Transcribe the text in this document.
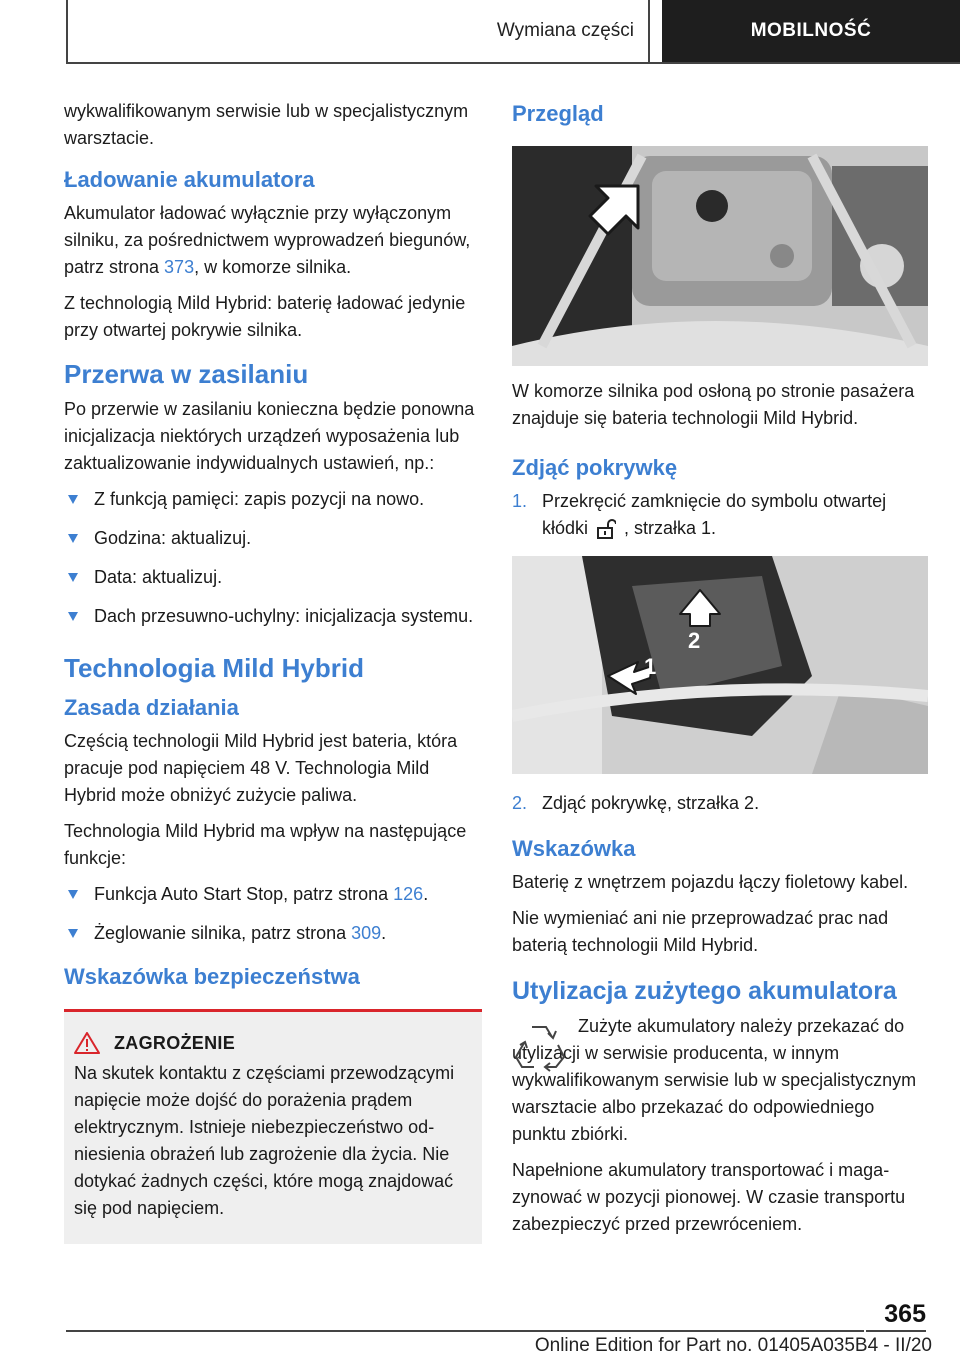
Wymiana części	MOBILNOŚĆ

wykwalifikowanym serwisie lub w specjalistycznym warsztacie.

Ładowanie akumulatora

Akumulator ładować wyłącznie przy wyłączonym silniku, za pośrednictwem wyprowadzeń biegunów, patrz strona 373, w komorze silnika.

Z technologią Mild Hybrid: baterię ładować jedynie przy otwartej pokrywie silnika.

Przerwa w zasilaniu

Po przerwie w zasilaniu konieczna będzie ponowna inicjalizacja niektórych urządzeń wyposażenia lub zaktualizowanie indywidualnych ustawień, np.:

Z funkcją pamięci: zapis pozycji na nowo.
Godzina: aktualizuj.
Data: aktualizuj.
Dach przesuwno-uchylny: inicjalizacja systemu.
Technologia Mild Hybrid
Zasada działania

Częścią technologii Mild Hybrid jest bateria, która pracuje pod napięciem 48 V. Technologia Mild Hybrid może obniżyć zużycie paliwa.

Technologia Mild Hybrid ma wpływ na następujące funkcje:

Funkcja Auto Start Stop, patrz strona 126.
Żeglowanie silnika, patrz strona 309.
Wskazówka bezpieczeństwa
ZAGROŻENIE

Na skutek kontaktu z częściami przewodzącymi napięcie może dojść do porażenia prądem elektrycznym. Istnieje niebezpieczeństwo odniesienia obrażeń lub zagrożenie dla życia. Nie dotykać żadnych części, które mogą znajdować się pod napięciem.

Przegląd

W komorze silnika pod osłoną po stronie pasażera znajduje się bateria technologii Mild Hybrid.

Zdjąć pokrywkę
1. Przekręcić zamknięcie do symbolu otwartej kłódki , strzałka 1.
2
1
2. Zdjąć pokrywkę, strzałka 2.
Wskazówka

Baterię z wnętrzem pojazdu łączy fioletowy kabel.

Nie wymieniać ani nie przeprowadzać prac nad baterią technologii Mild Hybrid.

Utylizacja zużytego akumulatora

Zużyte akumulatory należy przekazać do utylizacji w serwisie producenta, w innym wykwalifikowanym serwisie lub w specjalistycznym warsztacie albo przekazać do odpowiedniego punktu zbiórki.

Napełnione akumulatory transportować i magazynować w pozycji pionowej. W czasie transportu zabezpieczyć przed przewróceniem.

365
Online Edition for Part no. 01405A035B4 - II/20
